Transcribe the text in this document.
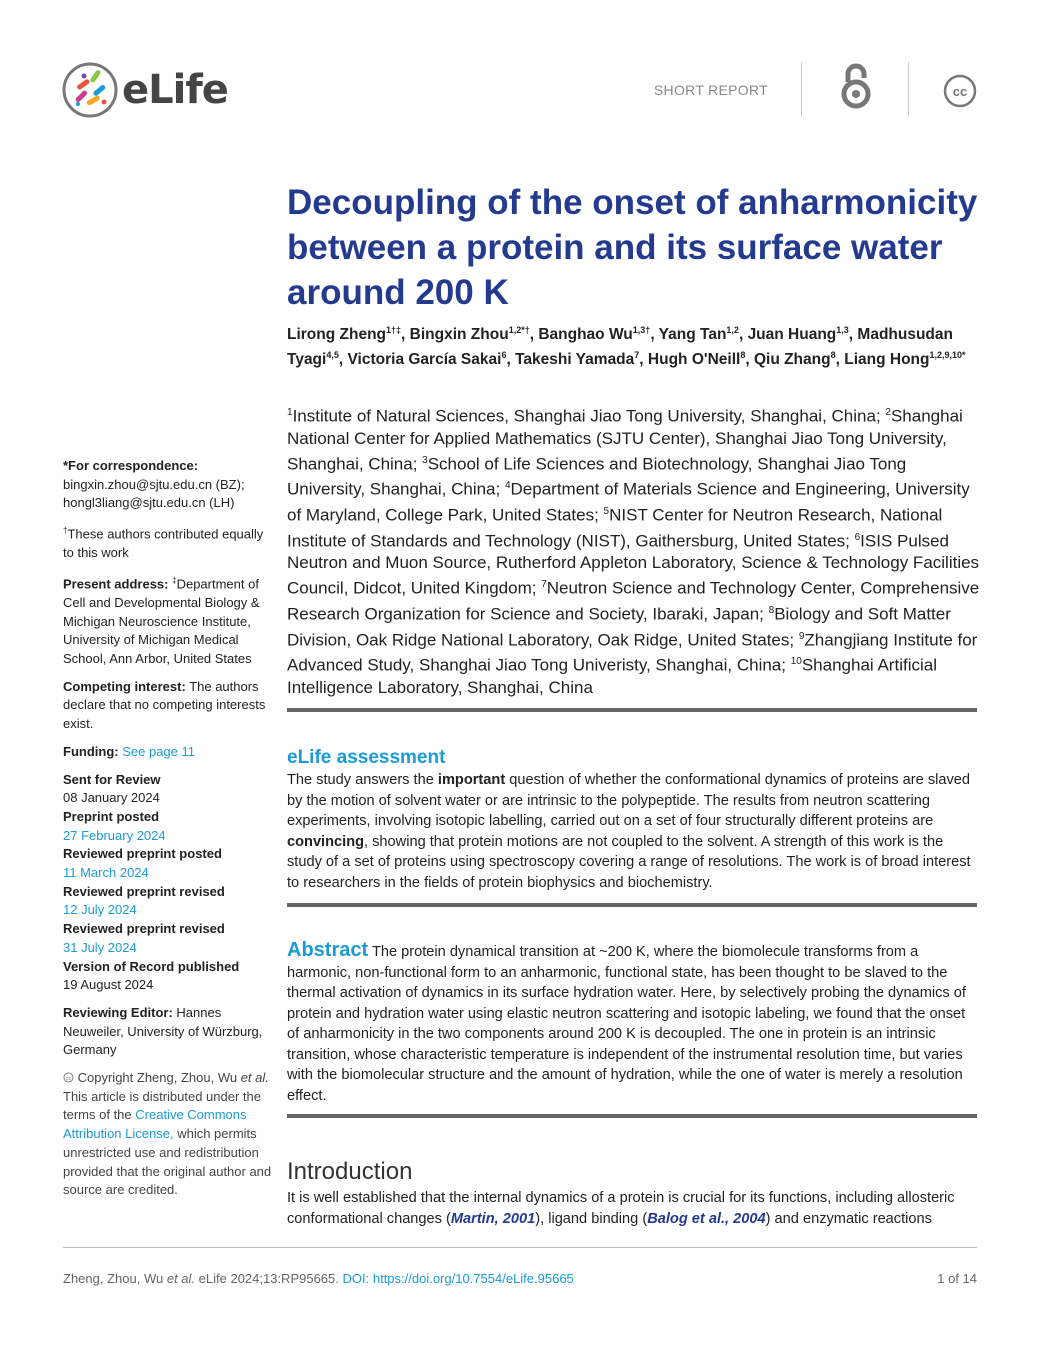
eLife	SHORT REPORT	cc
Decoupling of the onset of anharmonicity between a protein and its surface water around 200 K
Lirong Zheng$^{1\dagger\ddagger}$, Bingxin Zhou$^{1,2*\dagger}$, Banghao $Wu^{1,3\dagger}$, Yang Tan$^{1,2}$, Juan Huang$^{1,3}$, Madhusudan Tyagi$^{4,5}$, Victoria García Sakai$^6$, Takeshi Yamada$^7$, Hugh O'Neill$^8$, Qiu Zhang$^8$, Liang Hong$^{1,2,9,10*}$
$^1$Institute of Natural Sciences, Shanghai Jiao Tong University, Shanghai, China; $^2$Shanghai National Center for Applied Mathematics (SJTU Center), Shanghai Jiao Tong University, Shanghai, China; $^3$School of Life Sciences and Biotechnology, Shanghai Jiao Tong University, Shanghai, China; $^4$Department of Materials Science and Engineering, University of Maryland, College Park, United States; $^5$NIST Center for Neutron Research, National Institute of Standards and Technology (NIST), Gaithersburg, United States; $^6$ISIS Pulsed Neutron and Muon Source, Rutherford Appleton Laboratory, Science & Technology Facilities Council, Didcot, United Kingdom; $^7$Neutron Science and Technology Center, Comprehensive Research Organization for Science and Society, Ibaraki, Japan; $^8$Biology and Soft Matter Division, Oak Ridge National Laboratory, Oak Ridge, United States; $^9$Zhangjiang Institute for Advanced Study, Shanghai Jiao Tong Univeristy, Shanghai, China; $^{10}$Shanghai Artificial Intelligence Laboratory, Shanghai, China
*For correspondence:
bingxin.zhou@sjtu.edu.cn (BZ);
hongl3liang@sjtu.edu.cn (LH)
†These authors contributed equally to this work
Present address: ‡Department of Cell and Developmental Biology & Michigan Neuroscience Institute, University of Michigan Medical School, Ann Arbor, United States
Competing interest: The authors declare that no competing interests exist.
Funding: See page 11
Sent for Review
08 January 2024
Preprint posted
27 February 2024
Reviewed preprint posted
11 March 2024
Reviewed preprint revised
12 July 2024
Reviewed preprint revised
31 July 2024
Version of Record published
19 August 2024

Reviewing Editor: Hannes Neuweiler, University of Würzburg, Germany
cc Copyright Zheng, Zhou, Wu et al. This article is distributed under the terms of the Creative Commons Attribution License, which permits unrestricted use and redistribution provided that the original author and source are credited.
eLife assessment
The study answers the important question of whether the conformational dynamics of proteins are slaved by the motion of solvent water or are intrinsic to the polypeptide. The results from neutron scattering experiments, involving isotopic labelling, carried out on a set of four structurally different proteins are convincing, showing that protein motions are not coupled to the solvent. A strength of this work is the study of a set of proteins using spectroscopy covering a range of resolutions. The work is of broad interest to researchers in the fields of protein biophysics and biochemistry.
Abstract The protein dynamical transition at ~200 K, where the biomolecule transforms from a harmonic, non-functional form to an anharmonic, functional state, has been thought to be slaved to the thermal activation of dynamics in its surface hydration water. Here, by selectively probing the dynamics of protein and hydration water using elastic neutron scattering and isotopic labeling, we found that the onset of anharmonicity in the two components around 200 K is decoupled. The one in protein is an intrinsic transition, whose characteristic temperature is independent of the instrumental resolution time, but varies with the biomolecular structure and the amount of hydration, while the one of water is merely a resolution effect.
Introduction
It is well established that the internal dynamics of a protein is crucial for its functions, including allosteric conformational changes (Martin, 2001), ligand binding (Balog et al., 2004) and enzymatic reactions
Zheng, Zhou, Wu et al. eLife 2024;13:RP95665. DOI: https://doi.org/10.7554/eLife.95665	1 of 14
